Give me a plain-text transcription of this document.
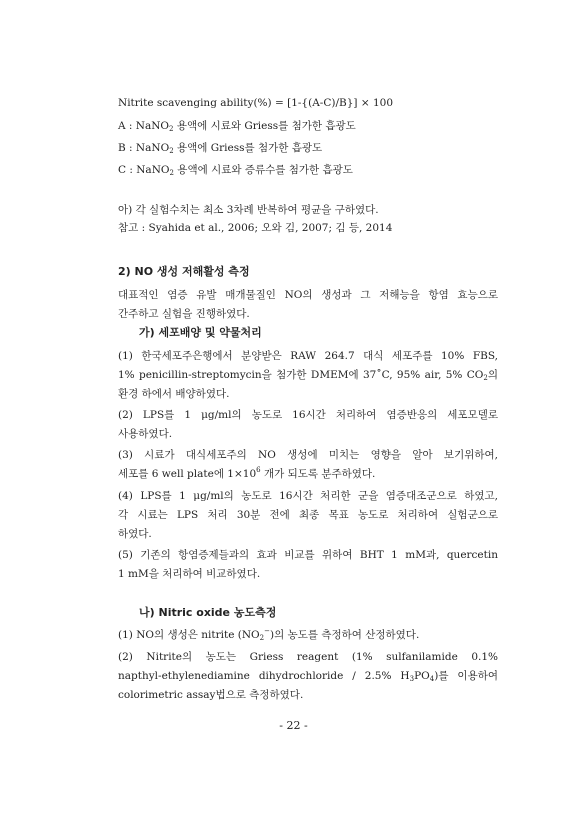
Nitrite scavenging ability(%) = [1-{(A-C)/B}] × 100
A : NaNO$_2$ 용액에 시료와 Griess를 첨가한 흡광도
B : NaNO$_2$ 용액에 Griess를 첨가한 흡광도
C : NaNO$_2$ 용액에 시료와 증류수를 첨가한 흡광도
아) 각 실험수치는 최소 3차례 반복하여 평균을 구하였다.
참고 : Syahida et al., 2006; 오와 김, 2007; 김 등, 2014
2) NO 생성 저해활성 측정
대표적인 염증 유발 매개물질인 NO의 생성과 그 저해능을 항염 효능으로
간주하고 실험을 진행하였다.
가) 세포배양 및 약물처리
(1) 한국세포주은행에서 분양받은 RAW 264.7 대식 세포주를 10% FBS,
1% penicillin-streptomycin을 첨가한 DMEM에 37˚C, 95% air, 5% $CO_2$의
환경 하에서 배양하였다.
(2) LPS를 1 μg/ml의 농도로 16시간 처리하여 염증반응의 세포모델로
사용하였다.
(3) 시료가 대식세포주의 NO 생성에 미치는 영향을 알아 보기위하여,
세포를 6 well plate에 $1\times 10^6$ 개가 되도록 분주하였다.
(4) LPS를 1 μg/ml의 농도로 16시간 처리한 군을 염증대조군으로 하였고,
각 시료는 LPS 처리 30분 전에 최종 목표 농도로 처리하여 실험군으로
하였다.
(5) 기존의 항염증제들과의 효과 비교를 위하여 BHT 1 mM과, quercetin
1 mM을 처리하여 비교하였다.
나) Nitric oxide 농도측정
(1) NO의 생성은 nitrite $(NO_2^-)$의 농도를 측정하여 산정하였다.
(2) Nitrite의 농도는 Griess reagent (1% sulfanilamide 0.1%
napthyl-ethylenediamine dihydrochloride / 2.5% $H_3PO_4$)를 이용하여
colorimetric assay법으로 측정하였다.
- 22 -
